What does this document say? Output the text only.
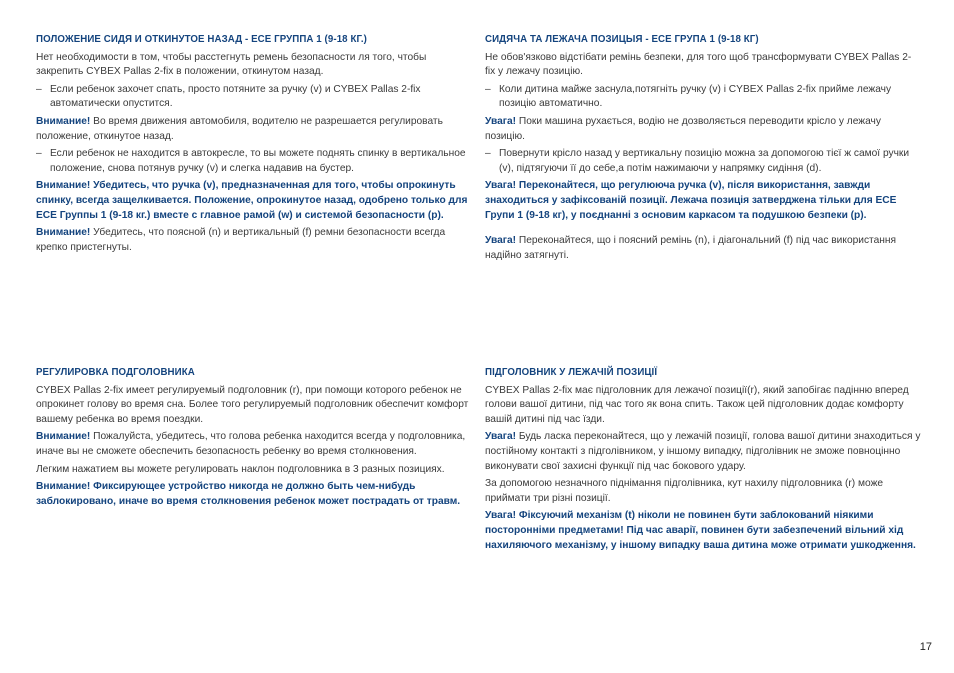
ПОЛОЖЕНИЕ СИДЯ И ОТКИНУТОЕ НАЗАД - ECE ГРУППА 1 (9-18 КГ.)

Нет необходимости в том, чтобы расстегнуть ремень безопасности ля того, чтобы закрепить CYBEX Pallas 2-fix в положении, откинутом назад.

– Если ребенок захочет спать, просто потяните за ручку (v) и CYBEX Pallas 2-fix автоматически опустится.

Внимание! Во время движения автомобиля, водителю не разрешается регулировать положение, откинутое назад.

– Если ребенок не находится в автокресле, то вы можете поднять спинку в вертикальное положение, снова потянув ручку (v) и слегка надавив на бустер.

Внимание! Убедитесь, что ручка (v), предназначенная для того, чтобы опрокинуть спинку, всегда защелкивается. Положение, опрокинутое назад, одобрено только для ECE Группы 1 (9-18 кг.) вместе с главное рамой (w) и системой безопасности (p).

Внимание! Убедитесь, что поясной (n) и вертикальный (f) ремни безопасности всегда крепко пристегнуты.

СИДЯЧА ТА ЛЕЖАЧА ПОЗИЦЫЯ - ECE ГРУПА 1 (9-18 КГ)

Не обов'язково відстібати ремінь безпеки, для того щоб трансформувати CYBEX Pallas 2-fix у лежачу позицію.

– Коли дитина майже заснула,потягніть ручку (v) і CYBEX Pallas 2-fix прийме лежачу позицію автоматично.

Увага! Поки машина рухається, водію не дозволяється переводити крісло у лежачу позицію.

– Повернути крісло назад у вертикальну позицію можна за допомогою тієї ж самої ручки (v), підтягуючи її до себе,а потім нажимаючи у напрямку сидіння (d).

Увага! Переконайтеся, що регулююча ручка (v), після використання, завжди знаходиться у зафіксованій позиції. Лежача позиція затверджена тільки для ECE Групи 1 (9-18 кг), у поєднанні з основим каркасом та подушкою безпеки (p).

Увага! Переконайтеся, що і поясний ремінь (n), і діагональний (f) під час використання надійно затягнуті.

РЕГУЛИРОВКА ПОДГОЛОВНИКА

CYBEX Pallas 2-fix имеет регулируемый подголовник (r), при помощи которого ребенок не опрокинет голову во время сна. Более того регулируемый подголовник обеспечит комфорт вашему ребенка во время поездки.

Внимание! Пожалуйста, убедитесь, что голова ребенка находится всегда у подголовника, иначе вы не сможете обеспечить безопасность ребенку во время столкновения.

Легким нажатием вы можете регулировать наклон подголовника в 3 разных позициях.

Внимание! Фиксирующее устройство никогда не должно быть чем-нибудь заблокировано, иначе во время столкновения ребенок может пострадать от травм.

ПІДГОЛОВНИК У ЛЕЖАЧІЙ ПОЗИЦІЇ

CYBEX Pallas 2-fix має підголовник для лежачої позиції(r), який запобігає падінню вперед голови вашої дитини, під час того як вона спить. Також цей підголовник додає комфорту вашій дитині під час їзди.

Увага! Будь ласка переконайтеся, що у лежачій позиції, голова вашої дитини знаходиться у постійному контакті з підголівником, у іншому випадку, підголівник не зможе повноцінно виконувати свої захисні функції під час бокового удару.

За допомогою незначного піднімання підголівника, кут нахилу підголовника (r) може приймати три різні позиції.

Увага! Фіксуючий механізм (t) ніколи не повинен бути заблокований ніякими посторонніми предметами! Під час аварії, повинен бути забезпечений вільний хід нахиляючого механізму, у іншому випадку ваша дитина може отримати ушкодження.

17
